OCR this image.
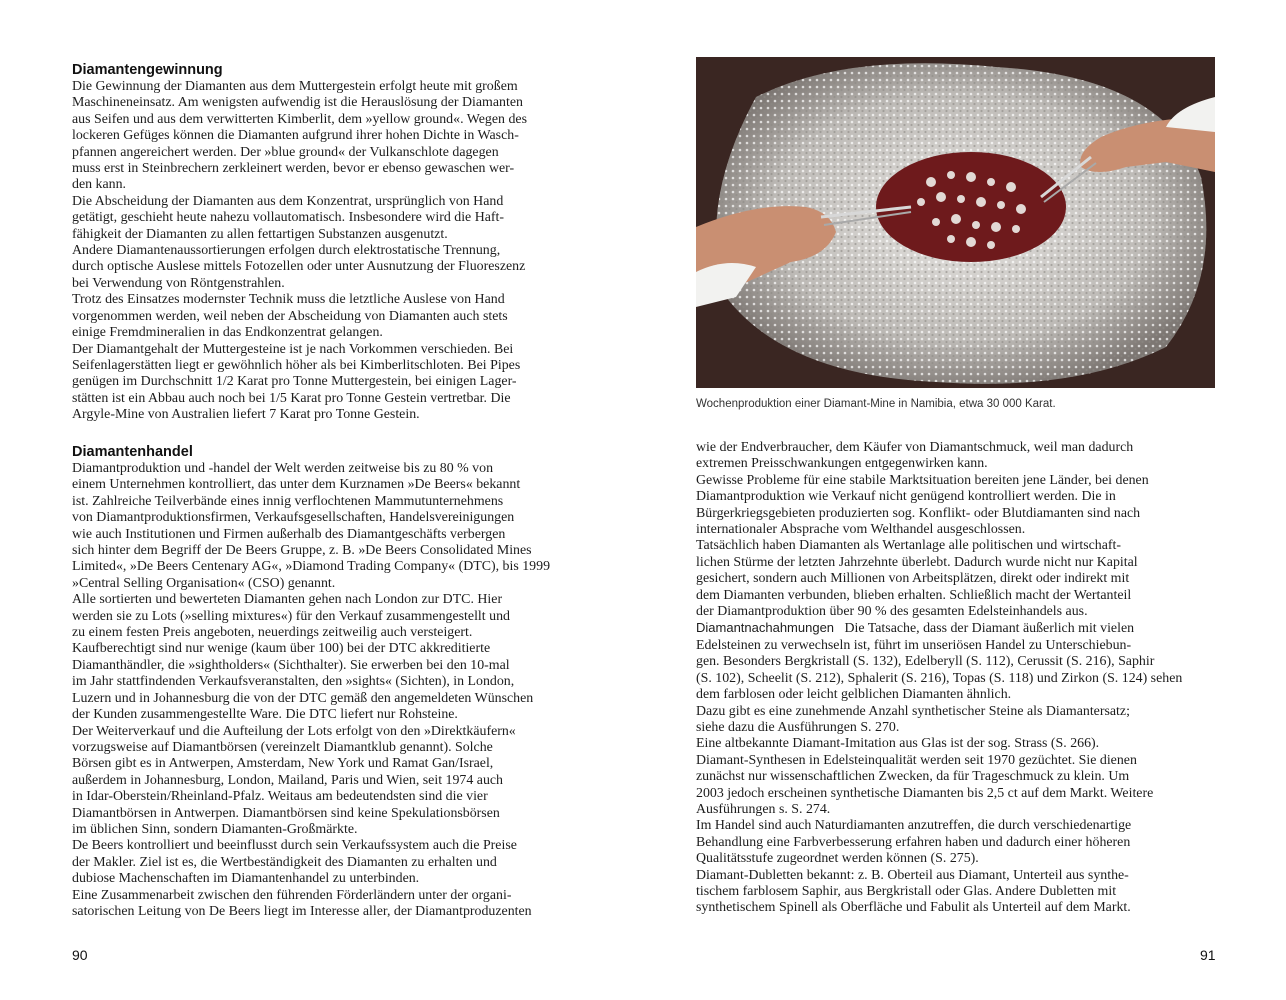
Diamantengewinnung

Die Gewinnung der Diamanten aus dem Muttergestein erfolgt heute mit großem
Maschineneinsatz. Am wenigsten aufwendig ist die Herauslösung der Diamanten
aus Seifen und aus dem verwitterten Kimberlit, dem »yellow ground«. Wegen des
lockeren Gefüges können die Diamanten aufgrund ihrer hohen Dichte in Wasch-
pfannen angereichert werden. Der »blue ground« der Vulkanschlote dagegen
muss erst in Steinbrechern zerkleinert werden, bevor er ebenso gewaschen wer-
den kann.

Die Abscheidung der Diamanten aus dem Konzentrat, ursprünglich von Hand
getätigt, geschieht heute nahezu vollautomatisch. Insbesondere wird die Haft-
fähigkeit der Diamanten zu allen fettartigen Substanzen ausgenutzt.

Andere Diamantenaussortierungen erfolgen durch elektrostatische Trennung,
durch optische Auslese mittels Fotozellen oder unter Ausnutzung der Fluoreszenz
bei Verwendung von Röntgenstrahlen.

Trotz des Einsatzes modernster Technik muss die letztliche Auslese von Hand
vorgenommen werden, weil neben der Abscheidung von Diamanten auch stets
einige Fremdmineralien in das Endkonzentrat gelangen.

Der Diamantgehalt der Muttergesteine ist je nach Vorkommen verschieden. Bei
Seifenlagerstätten liegt er gewöhnlich höher als bei Kimberlitschloten. Bei Pipes
genügen im Durchschnitt 1/2 Karat pro Tonne Muttergestein, bei einigen Lager-
stätten ist ein Abbau auch noch bei 1/5 Karat pro Tonne Gestein vertretbar. Die
Argyle-Mine von Australien liefert 7 Karat pro Tonne Gestein.

Diamantenhandel

Diamantproduktion und -handel der Welt werden zeitweise bis zu 80 % von
einem Unternehmen kontrolliert, das unter dem Kurznamen »De Beers« bekannt
ist. Zahlreiche Teilverbände eines innig verflochtenen Mammutunternehmens
von Diamantproduktionsfirmen, Verkaufsgesellschaften, Handelsvereinigungen
wie auch Institutionen und Firmen außerhalb des Diamantgeschäfts verbergen
sich hinter dem Begriff der De Beers Gruppe, z. B. »De Beers Consolidated Mines
Limited«, »De Beers Centenary AG«, »Diamond Trading Company« (DTC), bis 1999
»Central Selling Organisation« (CSO) genannt.

Alle sortierten und bewerteten Diamanten gehen nach London zur DTC. Hier
werden sie zu Lots (»selling mixtures«) für den Verkauf zusammengestellt und
zu einem festen Preis angeboten, neuerdings zeitweilig auch versteigert.

Kaufberechtigt sind nur wenige (kaum über 100) bei der DTC akkreditierte
Diamanthändler, die »sightholders« (Sichthalter). Sie erwerben bei den 10-mal
im Jahr stattfindenden Verkaufsveranstalten, den »sights« (Sichten), in London,
Luzern und in Johannesburg die von der DTC gemäß den angemeldeten Wünschen
der Kunden zusammengestellte Ware. Die DTC liefert nur Rohsteine.

Der Weiterverkauf und die Aufteilung der Lots erfolgt von den »Direktkäufern«
vorzugsweise auf Diamantbörsen (vereinzelt Diamantklub genannt). Solche
Börsen gibt es in Antwerpen, Amsterdam, New York und Ramat Gan/Israel,
außerdem in Johannesburg, London, Mailand, Paris und Wien, seit 1974 auch
in Idar-Oberstein/Rheinland-Pfalz. Weitaus am bedeutendsten sind die vier
Diamantbörsen in Antwerpen. Diamantbörsen sind keine Spekulationsbörsen
im üblichen Sinn, sondern Diamanten-Großmärkte.

De Beers kontrolliert und beeinflusst durch sein Verkaufssystem auch die Preise
der Makler. Ziel ist es, die Wertbeständigkeit des Diamanten zu erhalten und
dubiose Machenschaften im Diamantenhandel zu unterbinden.

Eine Zusammenarbeit zwischen den führenden Förderländern unter der organi-
satorischen Leitung von De Beers liegt im Interesse aller, der Diamantproduzenten

90
Wochenproduktion einer Diamant-Mine in Namibia, etwa 30 000 Karat.

wie der Endverbraucher, dem Käufer von Diamantschmuck, weil man dadurch
extremen Preisschwankungen entgegenwirken kann.

Gewisse Probleme für eine stabile Marktsituation bereiten jene Länder, bei denen
Diamantproduktion wie Verkauf nicht genügend kontrolliert werden. Die in
Bürgerkriegsgebieten produzierten sog. Konflikt- oder Blutdiamanten sind nach
internationaler Absprache vom Welthandel ausgeschlossen.

Tatsächlich haben Diamanten als Wertanlage alle politischen und wirtschaft-
lichen Stürme der letzten Jahrzehnte überlebt. Dadurch wurde nicht nur Kapital
gesichert, sondern auch Millionen von Arbeitsplätzen, direkt oder indirekt mit
dem Diamanten verbunden, blieben erhalten. Schließlich macht der Wertanteil
der Diamantproduktion über 90 % des gesamten Edelsteinhandels aus.

Diamantnachahmungen Die Tatsache, dass der Diamant äußerlich mit vielen
Edelsteinen zu verwechseln ist, führt im unseriösen Handel zu Unterschiebun-
gen. Besonders Bergkristall (S. 132), Edelberyll (S. 112), Cerussit (S. 216), Saphir
(S. 102), Scheelit (S. 212), Sphalerit (S. 216), Topas (S. 118) und Zirkon (S. 124) sehen
dem farblosen oder leicht gelblichen Diamanten ähnlich.

Dazu gibt es eine zunehmende Anzahl synthetischer Steine als Diamantersatz;
siehe dazu die Ausführungen S. 270.

Eine altbekannte Diamant-Imitation aus Glas ist der sog. Strass (S. 266).

Diamant-Synthesen in Edelsteinqualität werden seit 1970 gezüchtet. Sie dienen
zunächst nur wissenschaftlichen Zwecken, da für Trageschmuck zu klein. Um
2003 jedoch erscheinen synthetische Diamanten bis 2,5 ct auf dem Markt. Weitere
Ausführungen s. S. 274.

Im Handel sind auch Naturdiamanten anzutreffen, die durch verschiedenartige
Behandlung eine Farbverbesserung erfahren haben und dadurch einer höheren
Qualitätsstufe zugeordnet werden können (S. 275).

Diamant-Dubletten bekannt: z. B. Oberteil aus Diamant, Unterteil aus synthe-
tischem farblosem Saphir, aus Bergkristall oder Glas. Andere Dubletten mit
synthetischem Spinell als Oberfläche und Fabulit als Unterteil auf dem Markt.

91
